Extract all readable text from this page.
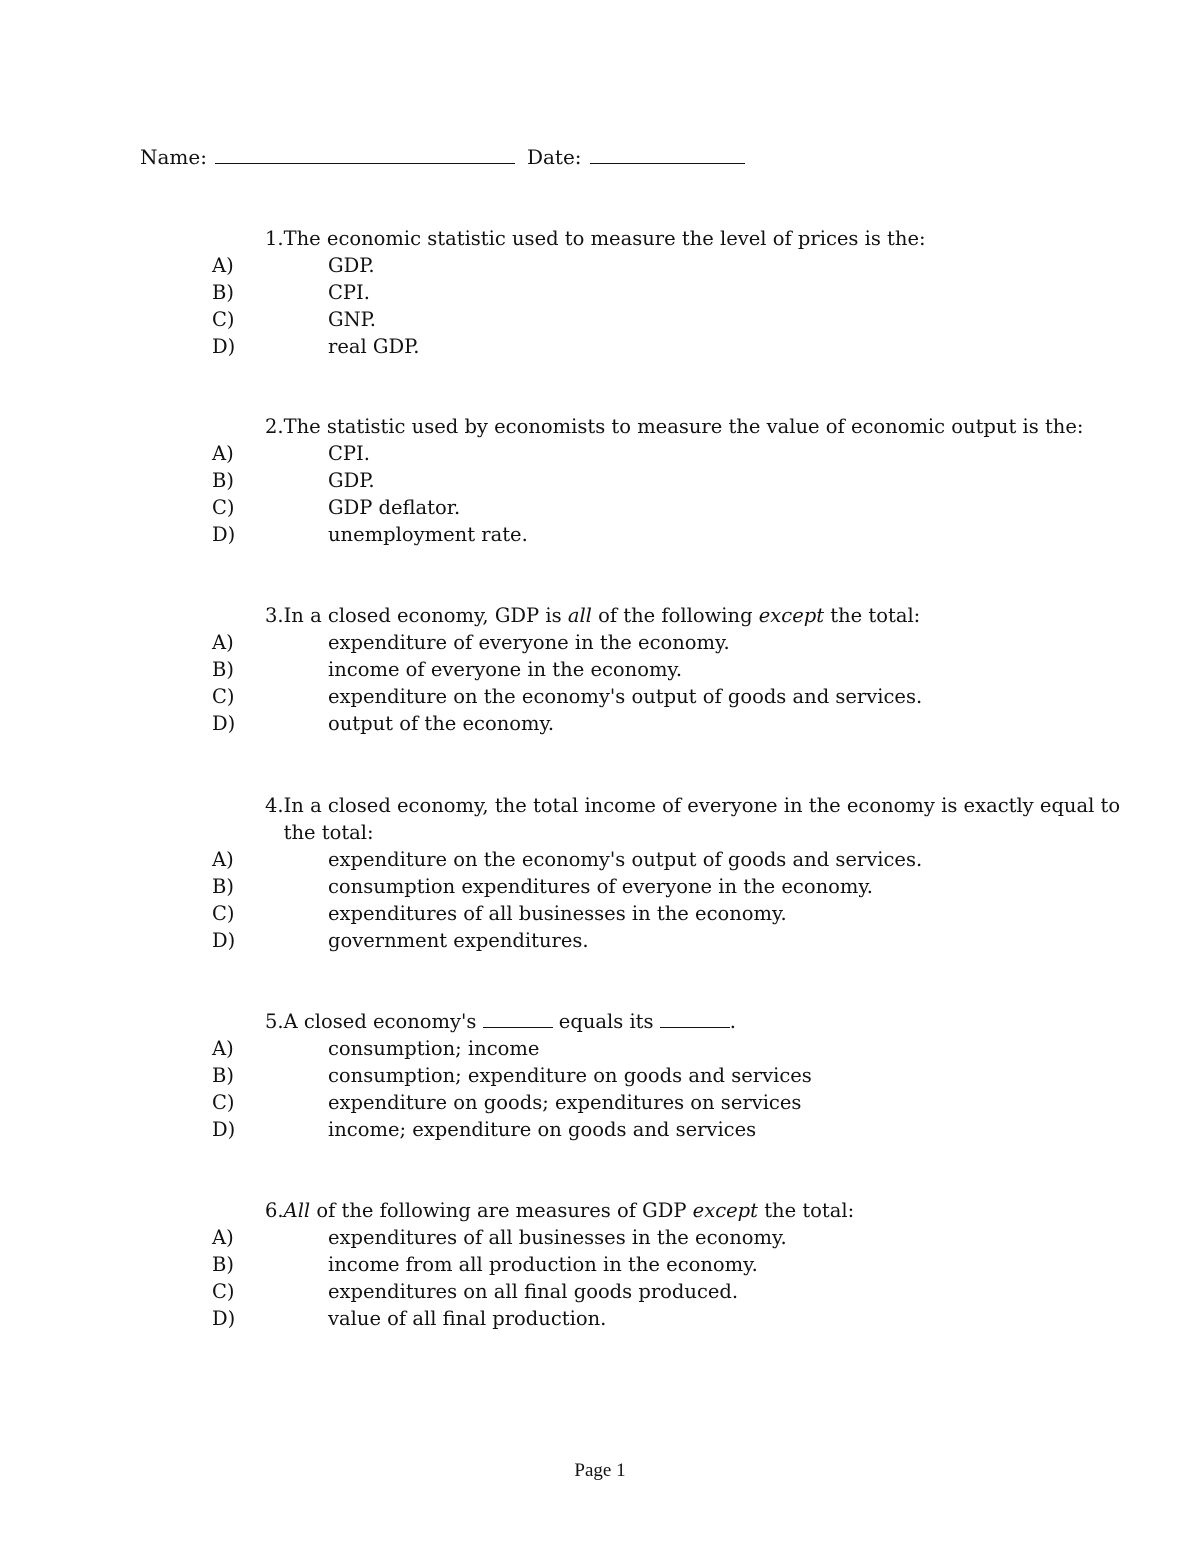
Name:	Date:
1. The economic statistic used to measure the level of prices is the:
A)	GDP.
B)	CPI.
C)	GNP.
D)	real GDP.
2. The statistic used by economists to measure the value of economic output is the:
A)	CPI.
B)	GDP.
C)	GDP deflator.
D)	unemployment rate.
3. In a closed economy, GDP is all of the following except the total:
A)	expenditure of everyone in the economy.
B)	income of everyone in the economy.
C)	expenditure on the economy's output of goods and services.
D)	output of the economy.
4. In a closed economy, the total income of everyone in the economy is exactly equal to the total:
A)	expenditure on the economy's output of goods and services.
B)	consumption expenditures of everyone in the economy.
C)	expenditures of all businesses in the economy.
D)	government expenditures.
5. A closed economy's	equals its	.
A)	consumption; income
B)	consumption; expenditure on goods and services
C)	expenditure on goods; expenditures on services
D)	income; expenditure on goods and services
6. All of the following are measures of GDP except the total:
A)	expenditures of all businesses in the economy.
B)	income from all production in the economy.
C)	expenditures on all final goods produced.
D)	value of all final production.
Page 1
